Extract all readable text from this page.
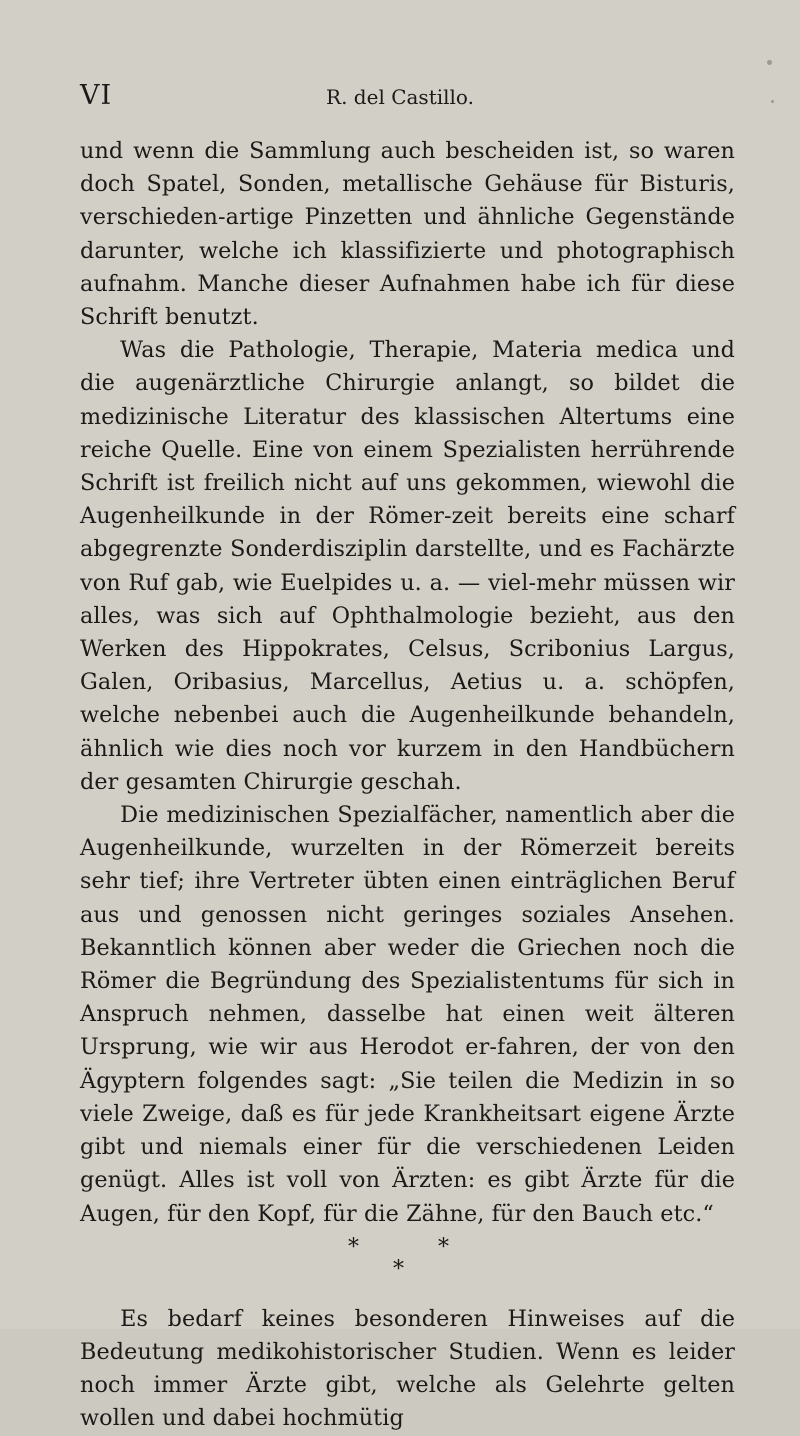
VI	R. del Castillo.

und wenn die Sammlung auch bescheiden ist, so waren doch Spatel, Sonden, metallische Gehäuse für Bisturis, verschieden-artige Pinzetten und ähnliche Gegenstände darunter, welche ich klassifizierte und photographisch aufnahm. Manche dieser Aufnahmen habe ich für diese Schrift benutzt.

Was die Pathologie, Therapie, Materia medica und die augenärztliche Chirurgie anlangt, so bildet die medizinische Literatur des klassischen Altertums eine reiche Quelle. Eine von einem Spezialisten herrührende Schrift ist freilich nicht auf uns gekommen, wiewohl die Augenheilkunde in der Römer-zeit bereits eine scharf abgegrenzte Sonderdisziplin darstellte, und es Fachärzte von Ruf gab, wie Euelpides u. a. — viel-mehr müssen wir alles, was sich auf Ophthalmologie bezieht, aus den Werken des Hippokrates, Celsus, Scribonius Largus, Galen, Oribasius, Marcellus, Aetius u. a. schöpfen, welche nebenbei auch die Augenheilkunde behandeln, ähnlich wie dies noch vor kurzem in den Handbüchern der gesamten Chirurgie geschah.

Die medizinischen Spezialfächer, namentlich aber die Augenheilkunde, wurzelten in der Römerzeit bereits sehr tief; ihre Vertreter übten einen einträglichen Beruf aus und genossen nicht geringes soziales Ansehen. Bekanntlich können aber weder die Griechen noch die Römer die Begründung des Spezialistentums für sich in Anspruch nehmen, dasselbe hat einen weit älteren Ursprung, wie wir aus Herodot er-fahren, der von den Ägyptern folgendes sagt: „Sie teilen die Medizin in so viele Zweige, daß es für jede Krankheitsart eigene Ärzte gibt und niemals einer für die verschiedenen Leiden genügt. Alles ist voll von Ärzten: es gibt Ärzte für die Augen, für den Kopf, für die Zähne, für den Bauch etc.“

*	*
*

Es bedarf keines besonderen Hinweises auf die Bedeutung medikohistorischer Studien. Wenn es leider noch immer Ärzte gibt, welche als Gelehrte gelten wollen und dabei hochmütig
